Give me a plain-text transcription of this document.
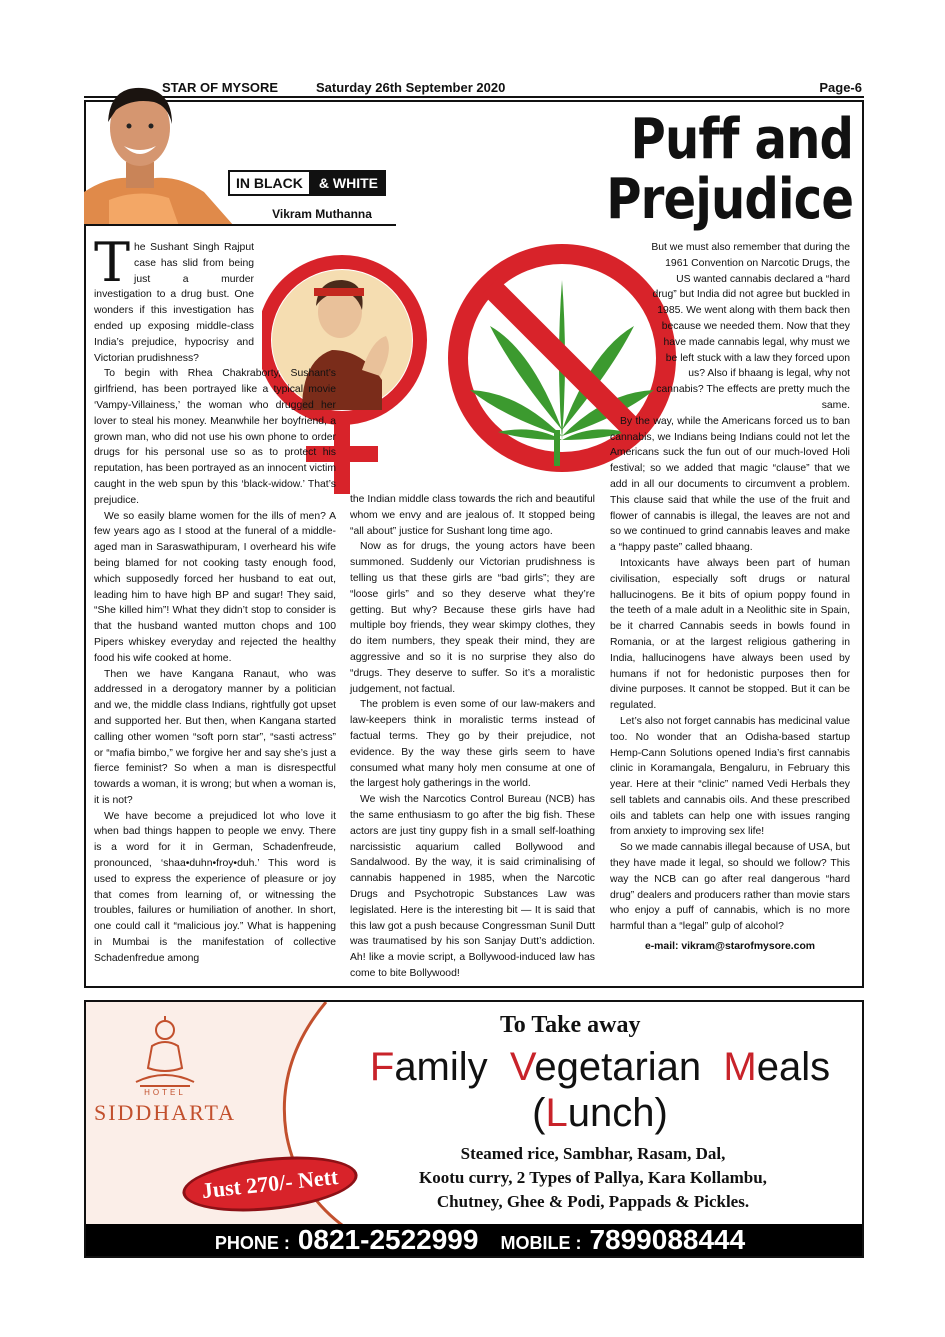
STAR OF MYSORE	Saturday 26th September 2020	Page-6
IN BLACK	& WHITE
Vikram Muthanna
Puff and
Prejudice

The Sushant Singh Rajput case has slid from being just a murder investigation to a drug bust. One wonders if this investigation has ended up exposing middle-class India’s prejudice, hypocrisy and Victorian prudishness?

To begin with Rhea Chakraborty, Sushant’s girlfriend, has been portrayed like a typical movie ‘Vampy-Villainess,’ the woman who drugged her lover to steal his money. Meanwhile her boyfriend, a grown man, who did not use his own phone to order drugs for his personal use so as to protect his reputation, has been portrayed as an innocent victim caught in the web spun by this ‘black-widow.’ That’s prejudice.

We so easily blame women for the ills of men? A few years ago as I stood at the funeral of a middle-aged man in Saraswathipuram, I overheard his wife being blamed for not cooking tasty enough food, which supposedly forced her husband to eat out, leading him to have high BP and sugar! They said, “She killed him”! What they didn’t stop to consider is that the husband wanted mutton chops and 100 Pipers whiskey everyday and rejected the healthy food his wife cooked at home.

Then we have Kangana Ranaut, who was addressed in a derogatory manner by a politician and we, the middle class Indians, rightfully got upset and supported her. But then, when Kangana started calling other women “soft porn star”, “sasti actress” or “mafia bimbo,” we forgive her and say she’s just a fierce feminist? So when a man is disrespectful towards a woman, it is wrong; but when a woman is, it is not?

We have become a prejudiced lot who love it when bad things happen to people we envy. There is a word for it in German, Schadenfreude, pronounced, ‘shaa•duhn•froy•duh.’ This word is used to express the experience of pleasure or joy that comes from learning of, or witnessing the troubles, failures or humiliation of another. In short, one could call it “malicious joy.” What is happening in Mumbai is the manifestation of collective Schadenfredue among

the Indian middle class towards the rich and beautiful whom we envy and are jealous of. It stopped being “all about” justice for Sushant long time ago.

Now as for drugs, the young actors have been summoned. Suddenly our Victorian prudishness is telling us that these girls are “bad girls”; they are “loose girls” and so they deserve what they’re getting. But why? Because these girls have had multiple boy friends, they wear skimpy clothes, they do item numbers, they speak their mind, they are aggressive and so it is no surprise they also do “drugs. They deserve to suffer. So it’s a moralistic judgement, not factual.

The problem is even some of our law-makers and law-keepers think in moralistic terms instead of factual terms. They go by their prejudice, not evidence. By the way these girls seem to have consumed what many holy men consume at one of the largest holy gatherings in the world.

We wish the Narcotics Control Bureau (NCB) has the same enthusiasm to go after the big fish. These actors are just tiny guppy fish in a small self-loathing narcissistic aquarium called Bollywood and Sandalwood. By the way, it is said criminalising of cannabis happened in 1985, when the Narcotic Drugs and Psychotropic Substances Law was legislated. Here is the interesting bit — It is said that this law got a push because Congressman Sunil Dutt was traumatised by his son Sanjay Dutt’s addiction. Ah! like a movie script, a Bollywood-induced law has come to bite Bollywood!

But we must also remember that during the 1961 Convention on Narcotic Drugs, the US wanted cannabis declared a “hard drug” but India did not agree but buckled in 1985. We went along with them back then because we needed them. Now that they have made cannabis legal, why must we be left stuck with a law they forced upon us? Also if bhaang is legal, why not cannabis? The effects are pretty much the same.

By the way, while the Americans forced us to ban cannabis, we Indians being Indians could not let the Americans suck the fun out of our much-loved Holi festival; so we added that magic “clause” that we add in all our documents to circumvent a problem. This clause said that while the use of the fruit and flower of cannabis is illegal, the leaves are not and so we continued to grind cannabis leaves and make a “happy paste” called bhaang.

Intoxicants have always been part of human civilisation, especially soft drugs or natural hallucinogens. Be it bits of opium poppy found in the teeth of a male adult in a Neolithic site in Spain, be it charred Cannabis seeds in bowls found in Romania, or at the largest religious gathering in India, hallucinogens have always been used by humans if not for hedonistic purposes then for divine purposes. It cannot be stopped. But it can be regulated.

Let’s also not forget cannabis has medicinal value too. No wonder that an Odisha-based startup Hemp-Cann Solutions opened India’s first cannabis clinic in Koramangala, Bengaluru, in February this year. Here at their “clinic” named Vedi Herbals they sell tablets and cannabis oils. And these prescribed oils and tablets can help one with issues ranging from anxiety to improving sex life!

So we made cannabis illegal because of USA, but they have made it legal, so should we follow? This way the NCB can go after real dangerous “hard drug” dealers and producers rather than movie stars who enjoy a puff of cannabis, which is no more harmful than a “legal” gulp of alcohol?

e-mail: vikram@starofmysore.com
HOTEL
SIDDHARTA
Just 270/- Nett
To Take away
Family Vegetarian Meals
(Lunch)
Steamed rice, Sambhar, Rasam, Dal,
Kootu curry, 2 Types of Pallya, Kara Kollambu,
Chutney, Ghee & Podi, Pappads & Pickles.
PHONE : 0821-2522999 MOBILE : 7899088444
